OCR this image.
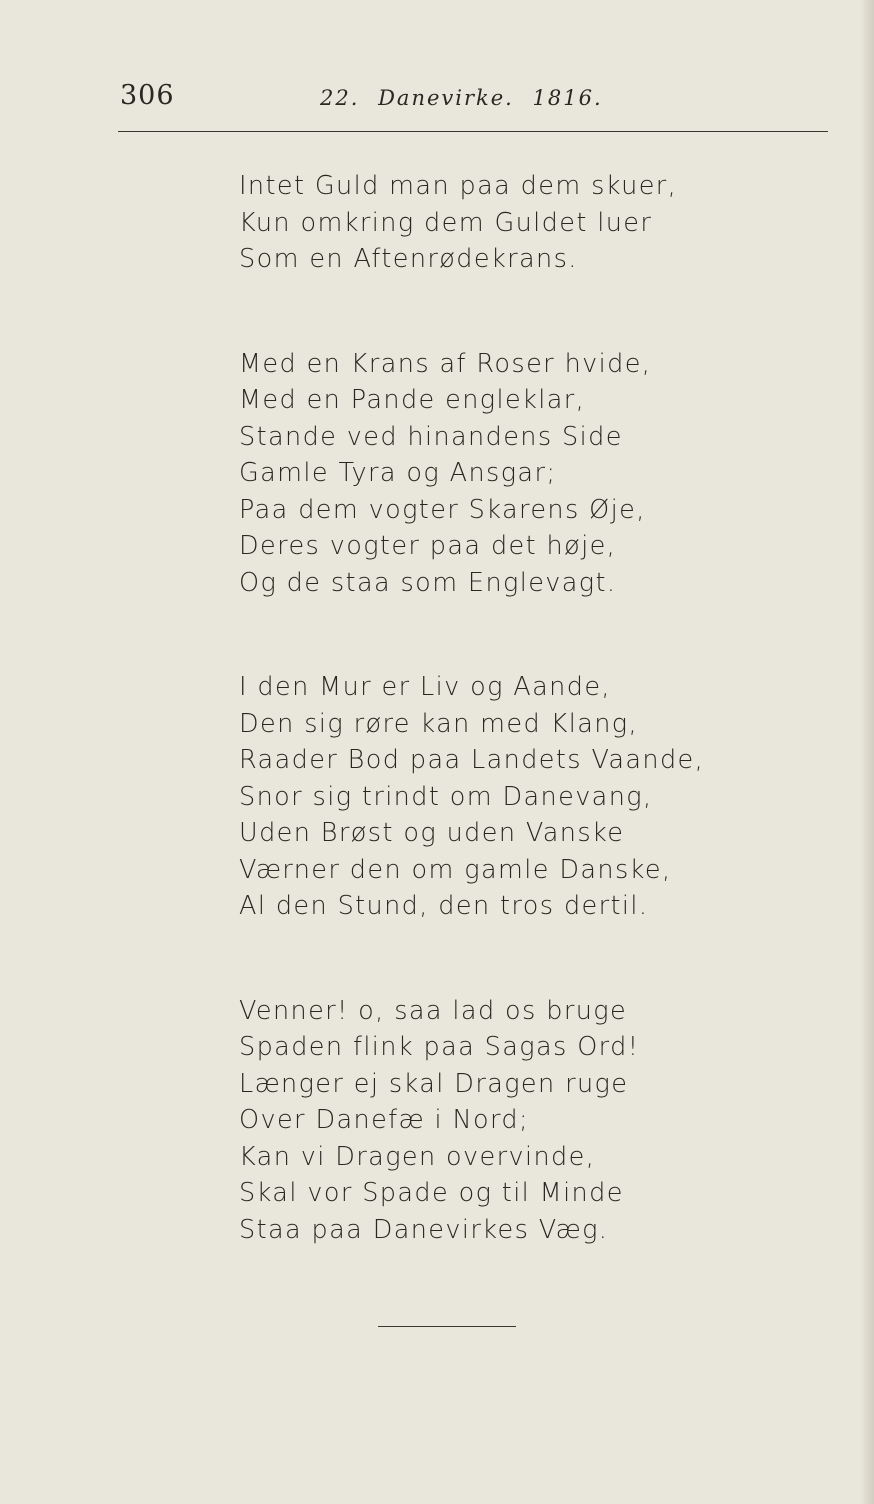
306	22. Danevirke. 1816.
Intet Guld man paa dem skuer,
Kun omkring dem Guldet luer
Som en Aftenrødekrans.
Med en Krans af Roser hvide,
Med en Pande engleklar,
Stande ved hinandens Side
Gamle Tyra og Ansgar;
Paa dem vogter Skarens Øje,
Deres vogter paa det høje,
Og de staa som Englevagt.
I den Mur er Liv og Aande,
Den sig røre kan med Klang,
Raader Bod paa Landets Vaande,
Snor sig trindt om Danevang,
Uden Brøst og uden Vanske
Værner den om gamle Danske,
Al den Stund, den tros dertil.
Venner! o, saa lad os bruge
Spaden flink paa Sagas Ord!
Længer ej skal Dragen ruge
Over Danefæ i Nord;
Kan vi Dragen overvinde,
Skal vor Spade og til Minde
Staa paa Danevirkes Væg.
